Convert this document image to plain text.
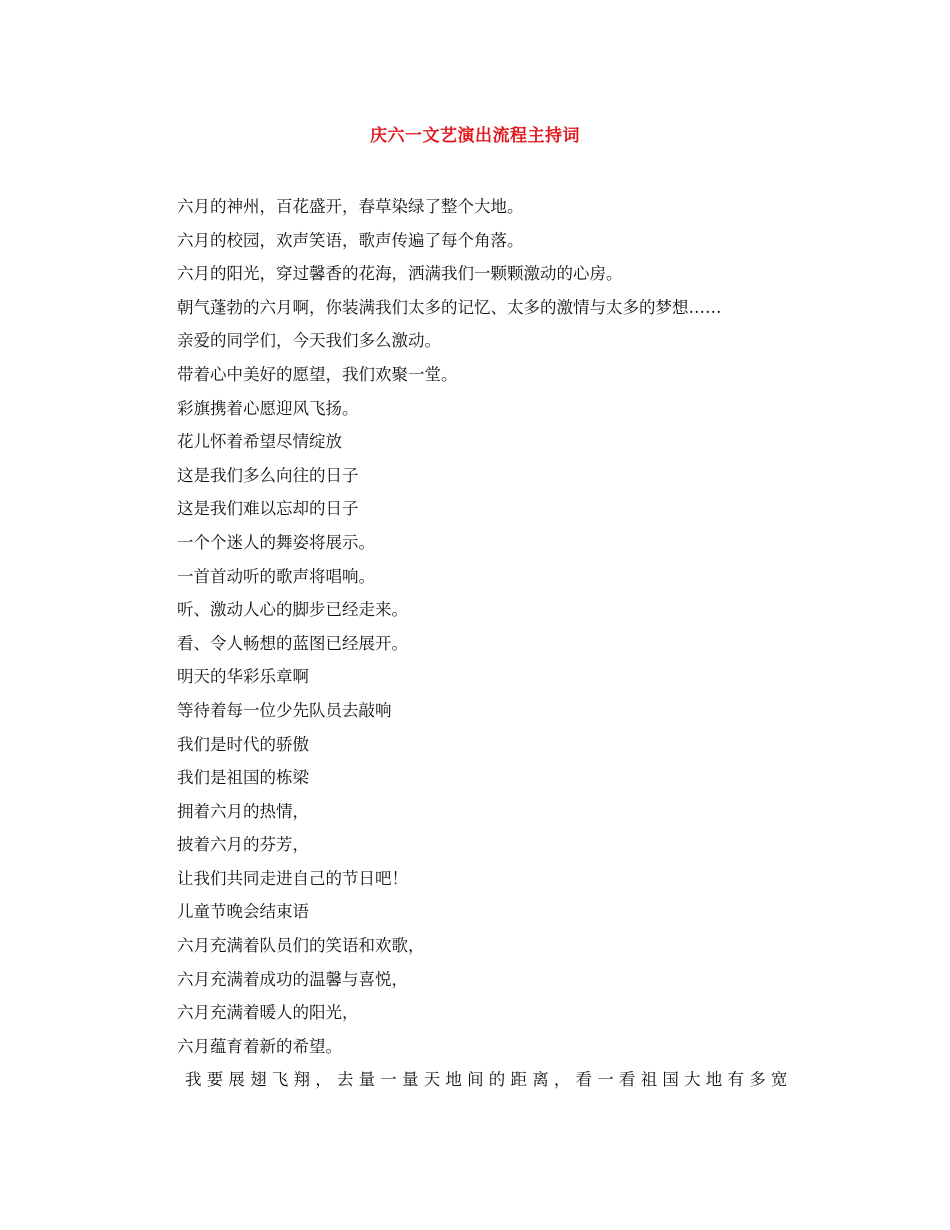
庆六一文艺演出流程主持词
六月的神州，百花盛开，春草染绿了整个大地。
六月的校园，欢声笑语，歌声传遍了每个角落。
六月的阳光，穿过馨香的花海，洒满我们一颗颗激动的心房。
朝气蓬勃的六月啊，你装满我们太多的记忆、太多的激情与太多的梦想……
亲爱的同学们，今天我们多么激动。
带着心中美好的愿望，我们欢聚一堂。
彩旗携着心愿迎风飞扬。
花儿怀着希望尽情绽放
这是我们多么向往的日子
这是我们难以忘却的日子
一个个迷人的舞姿将展示。
一首首动听的歌声将唱响。
听、激动人心的脚步已经走来。
看、令人畅想的蓝图已经展开。
明天的华彩乐章啊
等待着每一位少先队员去敲响
我们是时代的骄傲
我们是祖国的栋梁
拥着六月的热情，
披着六月的芬芳，
让我们共同走进自己的节日吧！
儿童节晚会结束语
六月充满着队员们的笑语和欢歌，
六月充满着成功的温馨与喜悦，
六月充满着暖人的阳光，
六月蕴育着新的希望。
我要展翅飞翔，去量一量天地间的距离，看一看祖国大地有多宽
